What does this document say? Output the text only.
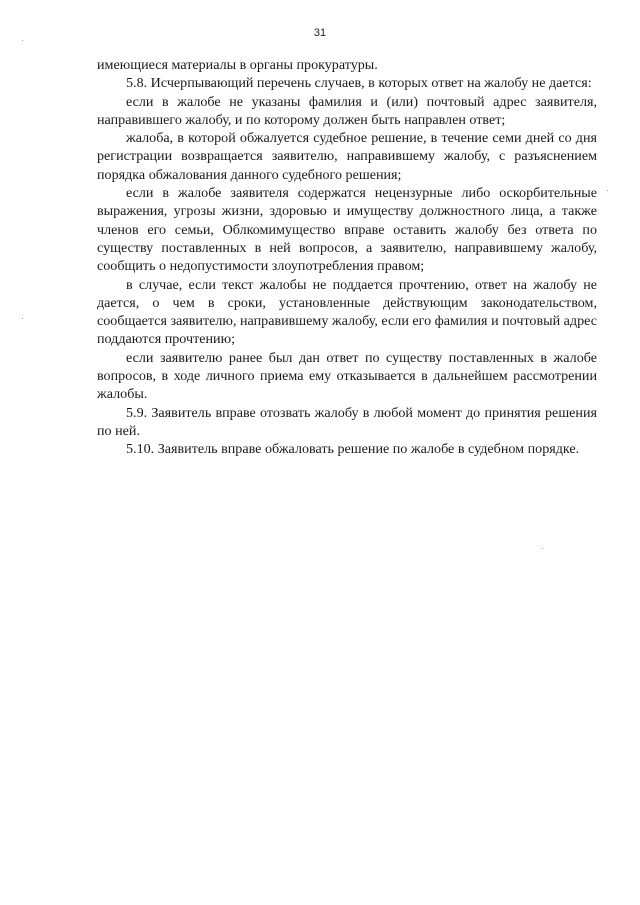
31

имеющиеся материалы в органы прокуратуры.

5.8. Исчерпывающий перечень случаев, в которых ответ на жалобу не дается:

если в жалобе не указаны фамилия и (или) почтовый адрес заявителя, направившего жалобу, и по которому должен быть направлен ответ;

жалоба, в которой обжалуется судебное решение, в течение семи дней со дня регистрации возвращается заявителю, направившему жалобу, с разъяснением порядка обжалования данного судебного решения;

если в жалобе заявителя содержатся нецензурные либо оскорбительные выражения, угрозы жизни, здоровью и имуществу должностного лица, а также членов его семьи, Облкомимущество вправе оставить жалобу без ответа по существу поставленных в ней вопросов, а заявителю, направившему жалобу, сообщить о недопустимости злоупотребления правом;

в случае, если текст жалобы не поддается прочтению, ответ на жалобу не дается, о чем в сроки, установленные действующим законодательством, сообщается заявителю, направившему жалобу, если его фамилия и почтовый адрес поддаются прочтению;

если заявителю ранее был дан ответ по существу поставленных в жалобе вопросов, в ходе личного приема ему отказывается в дальнейшем рассмотрении жалобы.

5.9. Заявитель вправе отозвать жалобу в любой момент до принятия решения по ней.

5.10. Заявитель вправе обжаловать решение по жалобе в судебном порядке.
